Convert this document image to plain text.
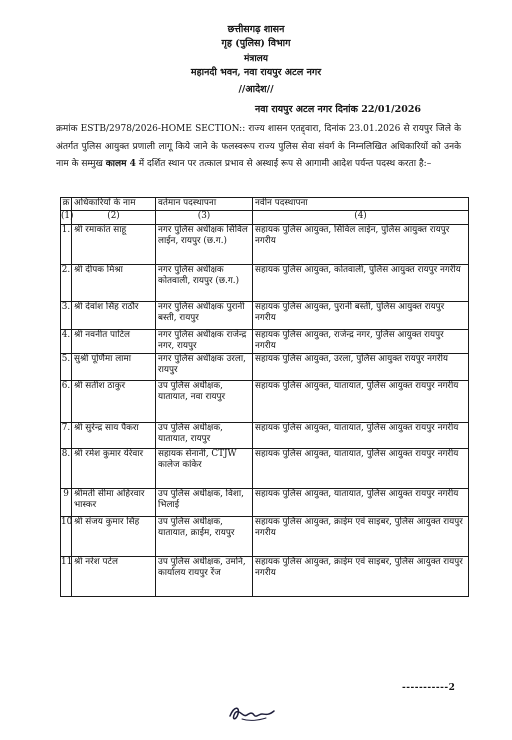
छत्तीसगढ़ शासन
गृह (पुलिस) विभाग
मंत्रालय
महानदी भवन, नवा रायपुर अटल नगर
//आदेश//
नवा रायपुर अटल नगर दिनांक 22/01/2026
क्रमांक ESTB/2978/2026-HOME SECTION:: राज्य शासन एतद्द्वारा, दिनांक 23.01.2026 से रायपुर जिले के अंतर्गत पुलिस आयुक्त प्रणाली लागू किये जाने के फलस्वरूप राज्य पुलिस सेवा संवर्ग के निम्नलिखित अधिकारियों को उनके नाम के सम्मुख कालम 4 में दर्शित स्थान पर तत्काल प्रभाव से अस्थाई रूप से आगामी आदेश पर्यन्त पदस्थ करता है:–
क्र	अधिकारियों के नाम	वर्तमान पदस्थापना	नवीन पदस्थापना
(1)	(2)	(3)	(4)
1.	श्री रमाकांत साहू	नगर पुलिस अधीक्षक सिविल लाईन, रायपुर (छ.ग.)	सहायक पुलिस आयुक्त, सिविल लाईन, पुलिस आयुक्त रायपुर नगरीय
2.	श्री दीपक मिश्रा	नगर पुलिस अधीक्षक कोतवाली, रायपुर (छ.ग.)	सहायक पुलिस आयुक्त, कोतवाली, पुलिस आयुक्त रायपुर नगरीय
3.	श्री देवांश सिंह राठौर	नगर पुलिस अधीक्षक पुरानी बस्ती, रायपुर	सहायक पुलिस आयुक्त, पुरानी बस्ती, पुलिस आयुक्त रायपुर नगरीय
4.	श्री नवनीत पाटिल	नगर पुलिस अधीक्षक राजेन्द्र नगर, रायपुर	सहायक पुलिस आयुक्त, राजेन्द्र नगर, पुलिस आयुक्त रायपुर नगरीय
5.	सुश्री पूर्णिमा लामा	नगर पुलिस अधीक्षक उरला, रायपुर	सहायक पुलिस आयुक्त, उरला, पुलिस आयुक्त रायपुर नगरीय
6.	श्री सतीश ठाकुर	उप पुलिस अधीक्षक, यातायात, नवा रायपुर	सहायक पुलिस आयुक्त, यातायात, पुलिस आयुक्त रायपुर नगरीय
7.	श्री सुरेन्द्र साय पैकरा	उप पुलिस अधीक्षक, यातायात, रायपुर	सहायक पुलिस आयुक्त, यातायात, पुलिस आयुक्त रायपुर नगरीय
8.	श्री रमेश कुमार येरेवार	सहायक सेनानी, CTJW कालेज कांकेर	सहायक पुलिस आयुक्त, यातायात, पुलिस आयुक्त रायपुर नगरीय
9	श्रीमती सीमा अहिरवार भास्कर	उप पुलिस अधीक्षक, विशा, भिलाई	सहायक पुलिस आयुक्त, यातायात, पुलिस आयुक्त रायपुर नगरीय
10	श्री संजय कुमार सिंह	उप पुलिस अधीक्षक, यातायात, क्राईम, रायपुर	सहायक पुलिस आयुक्त, क्राईम एवं साइबर, पुलिस आयुक्त रायपुर नगरीय
11	श्री नरेश पटेल	उप पुलिस अधीक्षक, उमनि, कार्यालय रायपुर रेंज	सहायक पुलिस आयुक्त, क्राईम एवं साइबर, पुलिस आयुक्त रायपुर नगरीय
-----------2
